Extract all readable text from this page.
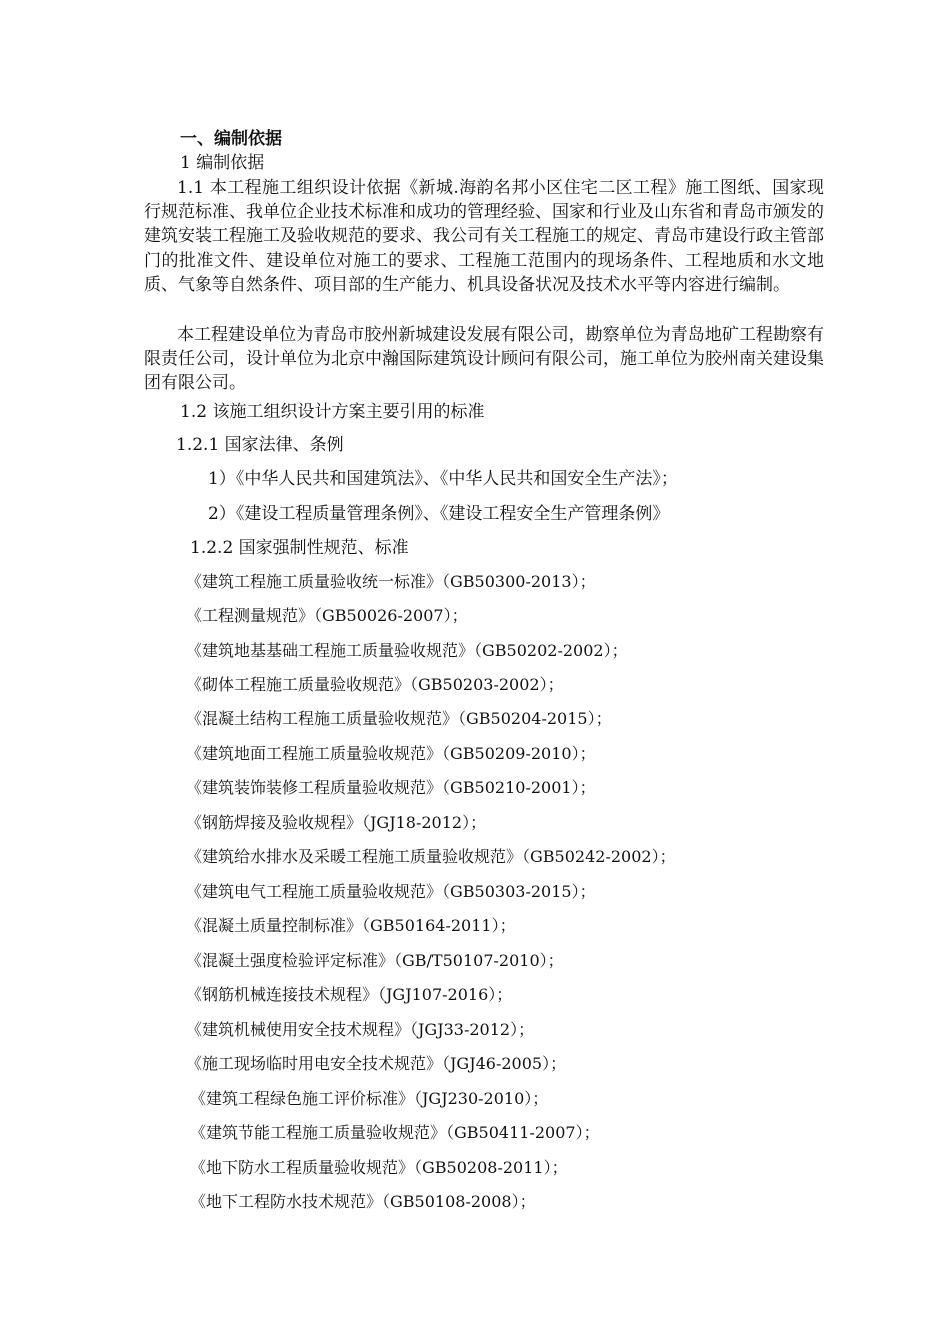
一、编制依据
1 编制依据
1.1 本工程施工组织设计依据《新城.海韵名邦小区住宅二区工程》施工图纸、国家现行规范标准、我单位企业技术标准和成功的管理经验、国家和行业及山东省和青岛市颁发的建筑安装工程施工及验收规范的要求、我公司有关工程施工的规定、青岛市建设行政主管部门的批准文件、建设单位对施工的要求、工程施工范围内的现场条件、工程地质和水文地质、气象等自然条件、项目部的生产能力、机具设备状况及技术水平等内容进行编制。
本工程建设单位为青岛市胶州新城建设发展有限公司，勘察单位为青岛地矿工程勘察有限责任公司，设计单位为北京中瀚国际建筑设计顾问有限公司，施工单位为胶州南关建设集团有限公司。
1.2 该施工组织设计方案主要引用的标准
1.2.1 国家法律、条例
1）《中华人民共和国建筑法》、《中华人民共和国安全生产法》；
2）《建设工程质量管理条例》、《建设工程安全生产管理条例》
1.2.2 国家强制性规范、标准
《建筑工程施工质量验收统一标准》（GB50300-2013）；
《工程测量规范》（GB50026-2007）；
《建筑地基基础工程施工质量验收规范》（GB50202-2002）；
《砌体工程施工质量验收规范》（GB50203-2002）；
《混凝土结构工程施工质量验收规范》（GB50204-2015）；
《建筑地面工程施工质量验收规范》（GB50209-2010）；
《建筑装饰装修工程质量验收规范》（GB50210-2001）；
《钢筋焊接及验收规程》（JGJ18-2012）；
《建筑给水排水及采暖工程施工质量验收规范》（GB50242-2002）；
《建筑电气工程施工质量验收规范》（GB50303-2015）；
《混凝土质量控制标准》（GB50164-2011）；
《混凝土强度检验评定标准》（GB/T50107-2010）；
《钢筋机械连接技术规程》（JGJ107-2016）；
《建筑机械使用安全技术规程》（JGJ33-2012）；
《施工现场临时用电安全技术规范》（JGJ46-2005）；
《建筑工程绿色施工评价标准》（JGJ230-2010）；
《建筑节能工程施工质量验收规范》（GB50411-2007）；
《地下防水工程质量验收规范》（GB50208-2011）；
《地下工程防水技术规范》（GB50108-2008）；
